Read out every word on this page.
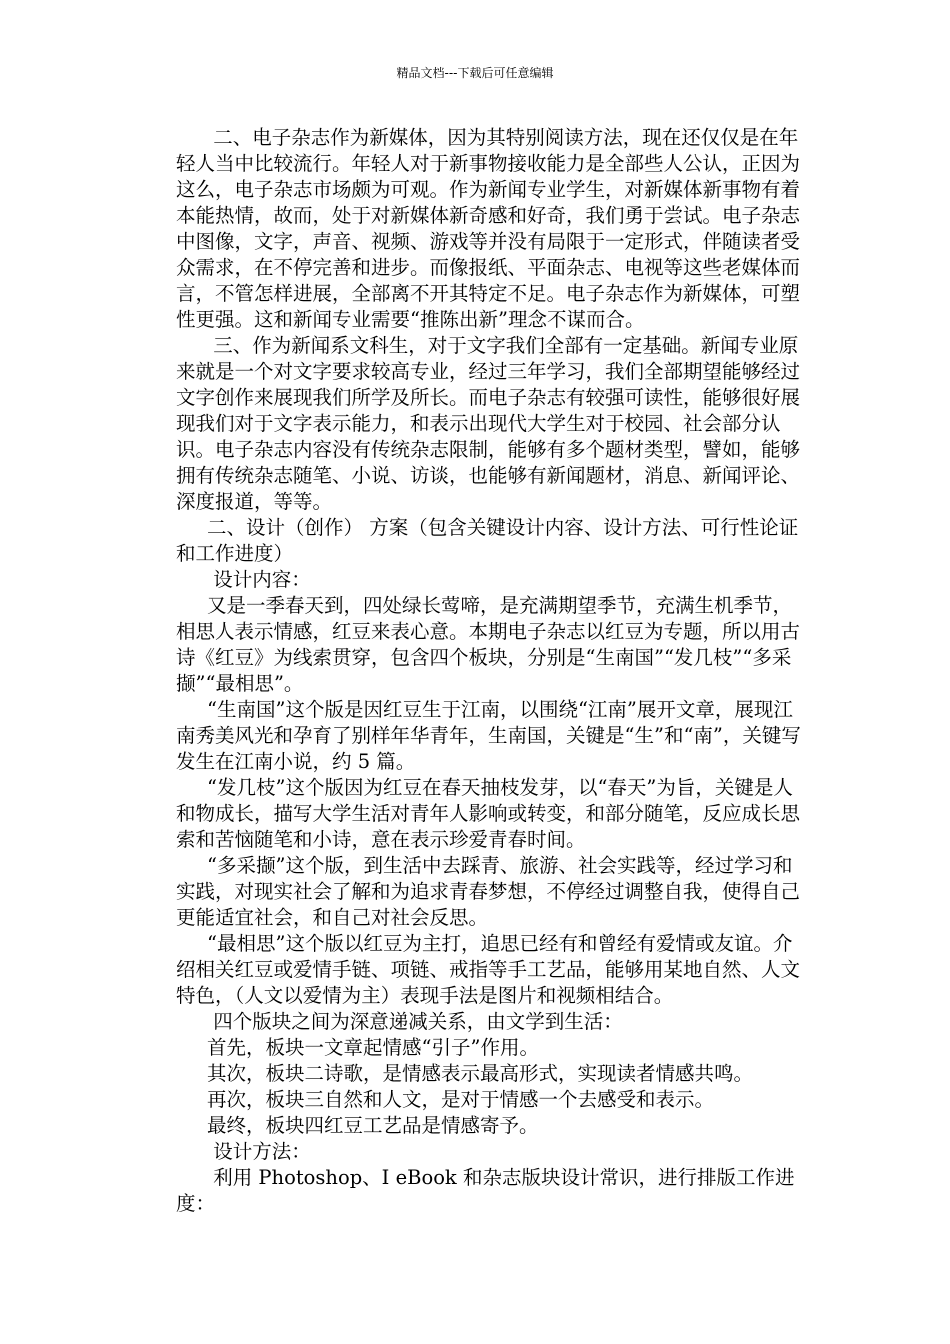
精品文档---下载后可任意编辑

二、电子杂志作为新媒体，因为其特别阅读方法，现在还仅仅是在年轻人当中比较流行。年轻人对于新事物接收能力是全部些人公认，正因为这么，电子杂志市场颇为可观。作为新闻专业学生，对新媒体新事物有着本能热情，故而，处于对新媒体新奇感和好奇，我们勇于尝试。电子杂志中图像，文字，声音、视频、游戏等并没有局限于一定形式，伴随读者受众需求，在不停完善和进步。而像报纸、平面杂志、电视等这些老媒体而言，不管怎样进展，全部离不开其特定不足。电子杂志作为新媒体，可塑性更强。这和新闻专业需要“推陈出新”理念不谋而合。

三、作为新闻系文科生，对于文字我们全部有一定基础。新闻专业原来就是一个对文字要求较高专业，经过三年学习，我们全部期望能够经过文字创作来展现我们所学及所长。而电子杂志有较强可读性，能够很好展现我们对于文字表示能力，和表示出现代大学生对于校园、社会部分认识。电子杂志内容没有传统杂志限制，能够有多个题材类型，譬如，能够拥有传统杂志随笔、小说、访谈，也能够有新闻题材，消息、新闻评论、深度报道，等等。

二、设计（创作） 方案（包含关键设计内容、设计方法、可行性论证和工作进度）

设计内容：

又是一季春天到，四处绿长莺啼，是充满期望季节，充满生机季节，相思人表示情感，红豆来表心意。本期电子杂志以红豆为专题，所以用古诗《红豆》为线索贯穿，包含四个板块，分别是“生南国”“发几枝”“多采撷”“最相思”。

“生南国”这个版是因红豆生于江南，以围绕“江南”展开文章，展现江南秀美风光和孕育了别样年华青年，生南国，关键是“生”和“南”，关键写发生在江南小说，约 5 篇。

“发几枝”这个版因为红豆在春天抽枝发芽，以“春天”为旨，关键是人和物成长，描写大学生活对青年人影响或转变，和部分随笔，反应成长思索和苦恼随笔和小诗，意在表示珍爱青春时间。

“多采撷”这个版，到生活中去踩青、旅游、社会实践等，经过学习和实践，对现实社会了解和为追求青春梦想，不停经过调整自我，使得自己更能适宜社会，和自己对社会反思。

“最相思”这个版以红豆为主打，追思已经有和曾经有爱情或友谊。介绍相关红豆或爱情手链、项链、戒指等手工艺品，能够用某地自然、人文特色，（人文以爱情为主）表现手法是图片和视频相结合。

四个版块之间为深意递减关系，由文学到生活：

首先，板块一文章起情感“引子”作用。

其次，板块二诗歌，是情感表示最高形式，实现读者情感共鸣。

再次，板块三自然和人文，是对于情感一个去感受和表示。

最终，板块四红豆工艺品是情感寄予。

设计方法：

利用 Photoshop、I eBook 和杂志版块设计常识，进行排版工作进度：
